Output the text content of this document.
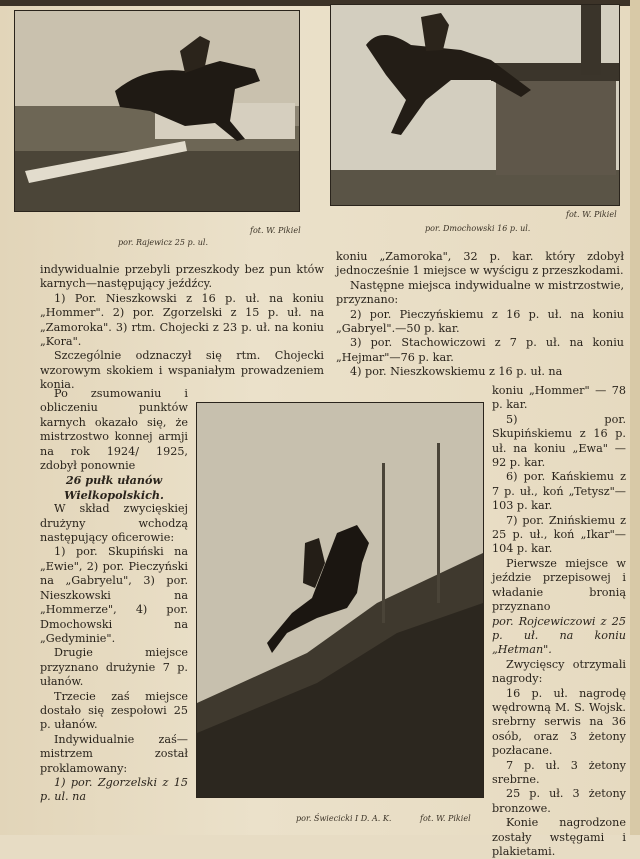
por. Rajewicz 25 p. ul.
fot. W. Pikiel	por. Dmochowski 16 p. ul.
fot. W. Pikiel
por. Świecicki I D. A. K.	fot. W. Pikiel

indywidualnie przebyli przeszkody bez pun któw karnych—następujący jeźdźcy.

1) Por. Nieszkowski z 16 p. uł. na koniu „Hommer". 2) por. Zgorzelski z 15 p. uł. na „Zamoroka". 3) rtm. Chojecki z 23 p. uł. na koniu „Kora".

Szczególnie odznaczył się rtm. Chojecki wzorowym skokiem i wspaniałym prowadzeniem konia.

Po zsumowaniu i obliczeniu punktów karnych okazało się, że mistrzostwo konnej armji na rok 1924/ 1925, zdobył ponownie

26 pułk ułanów Wielkopolskich.

W skład zwycięskiej drużyny wchodzą następujący oficerowie:

1) por. Skupiński na „Ewie", 2) por. Pieczyński na „Gabryelu", 3) por. Nieszkowski na „Hommerze", 4) por. Dmochowski na „Gedyminie".

Drugie miejsce przyznano drużynie 7 p. ułanów.

Trzecie zaś miejsce dostało się zespołowi 25 p. ułanów.

Indywidualnie zaś—mistrzem został proklamowany:

1) por. Zgorzelski z 15 p. ul. na

koniu „Zamoroka", 32 p. kar. który zdobył jednocześnie 1 miejsce w wyścigu z przeszkodami.

Następne miejsca indywidualne w mistrzostwie, przyznano:

2) por. Pieczyńskiemu z 16 p. uł. na koniu „Gabryel".—50 p. kar.

3) por. Stachowiczowi z 7 p. uł. na koniu „Hejmar"—76 p. kar.

4) por. Nieszkowskiemu z 16 p. uł. na

koniu „Hommer" — 78 p. kar.

5) por. Skupińskiemu z 16 p. uł. na koniu „Ewa" — 92 p. kar.

6) por. Kańskiemu z 7 p. uł., koń „Tetysz"—103 p. kar.

7) por. Znińskiemu z 25 p. uł., koń „Ikar"—104 p. kar.

Pierwsze miejsce w jeździe przepisowej i władanie bronią przyznano

por. Rojcewiczowi z 25 p. uł. na koniu „Hetman".

Zwycięscy otrzymali nagrody:

16 p. uł. nagrodę wędrowną M. S. Wojsk. srebrny serwis na 36 osób, oraz 3 żetony pozłacane.

7 p. uł. 3 żetony srebrne.

25 p. uł. 3 żetony bronzowe.

Konie nagrodzone zostały wstęgami i plakietami.
